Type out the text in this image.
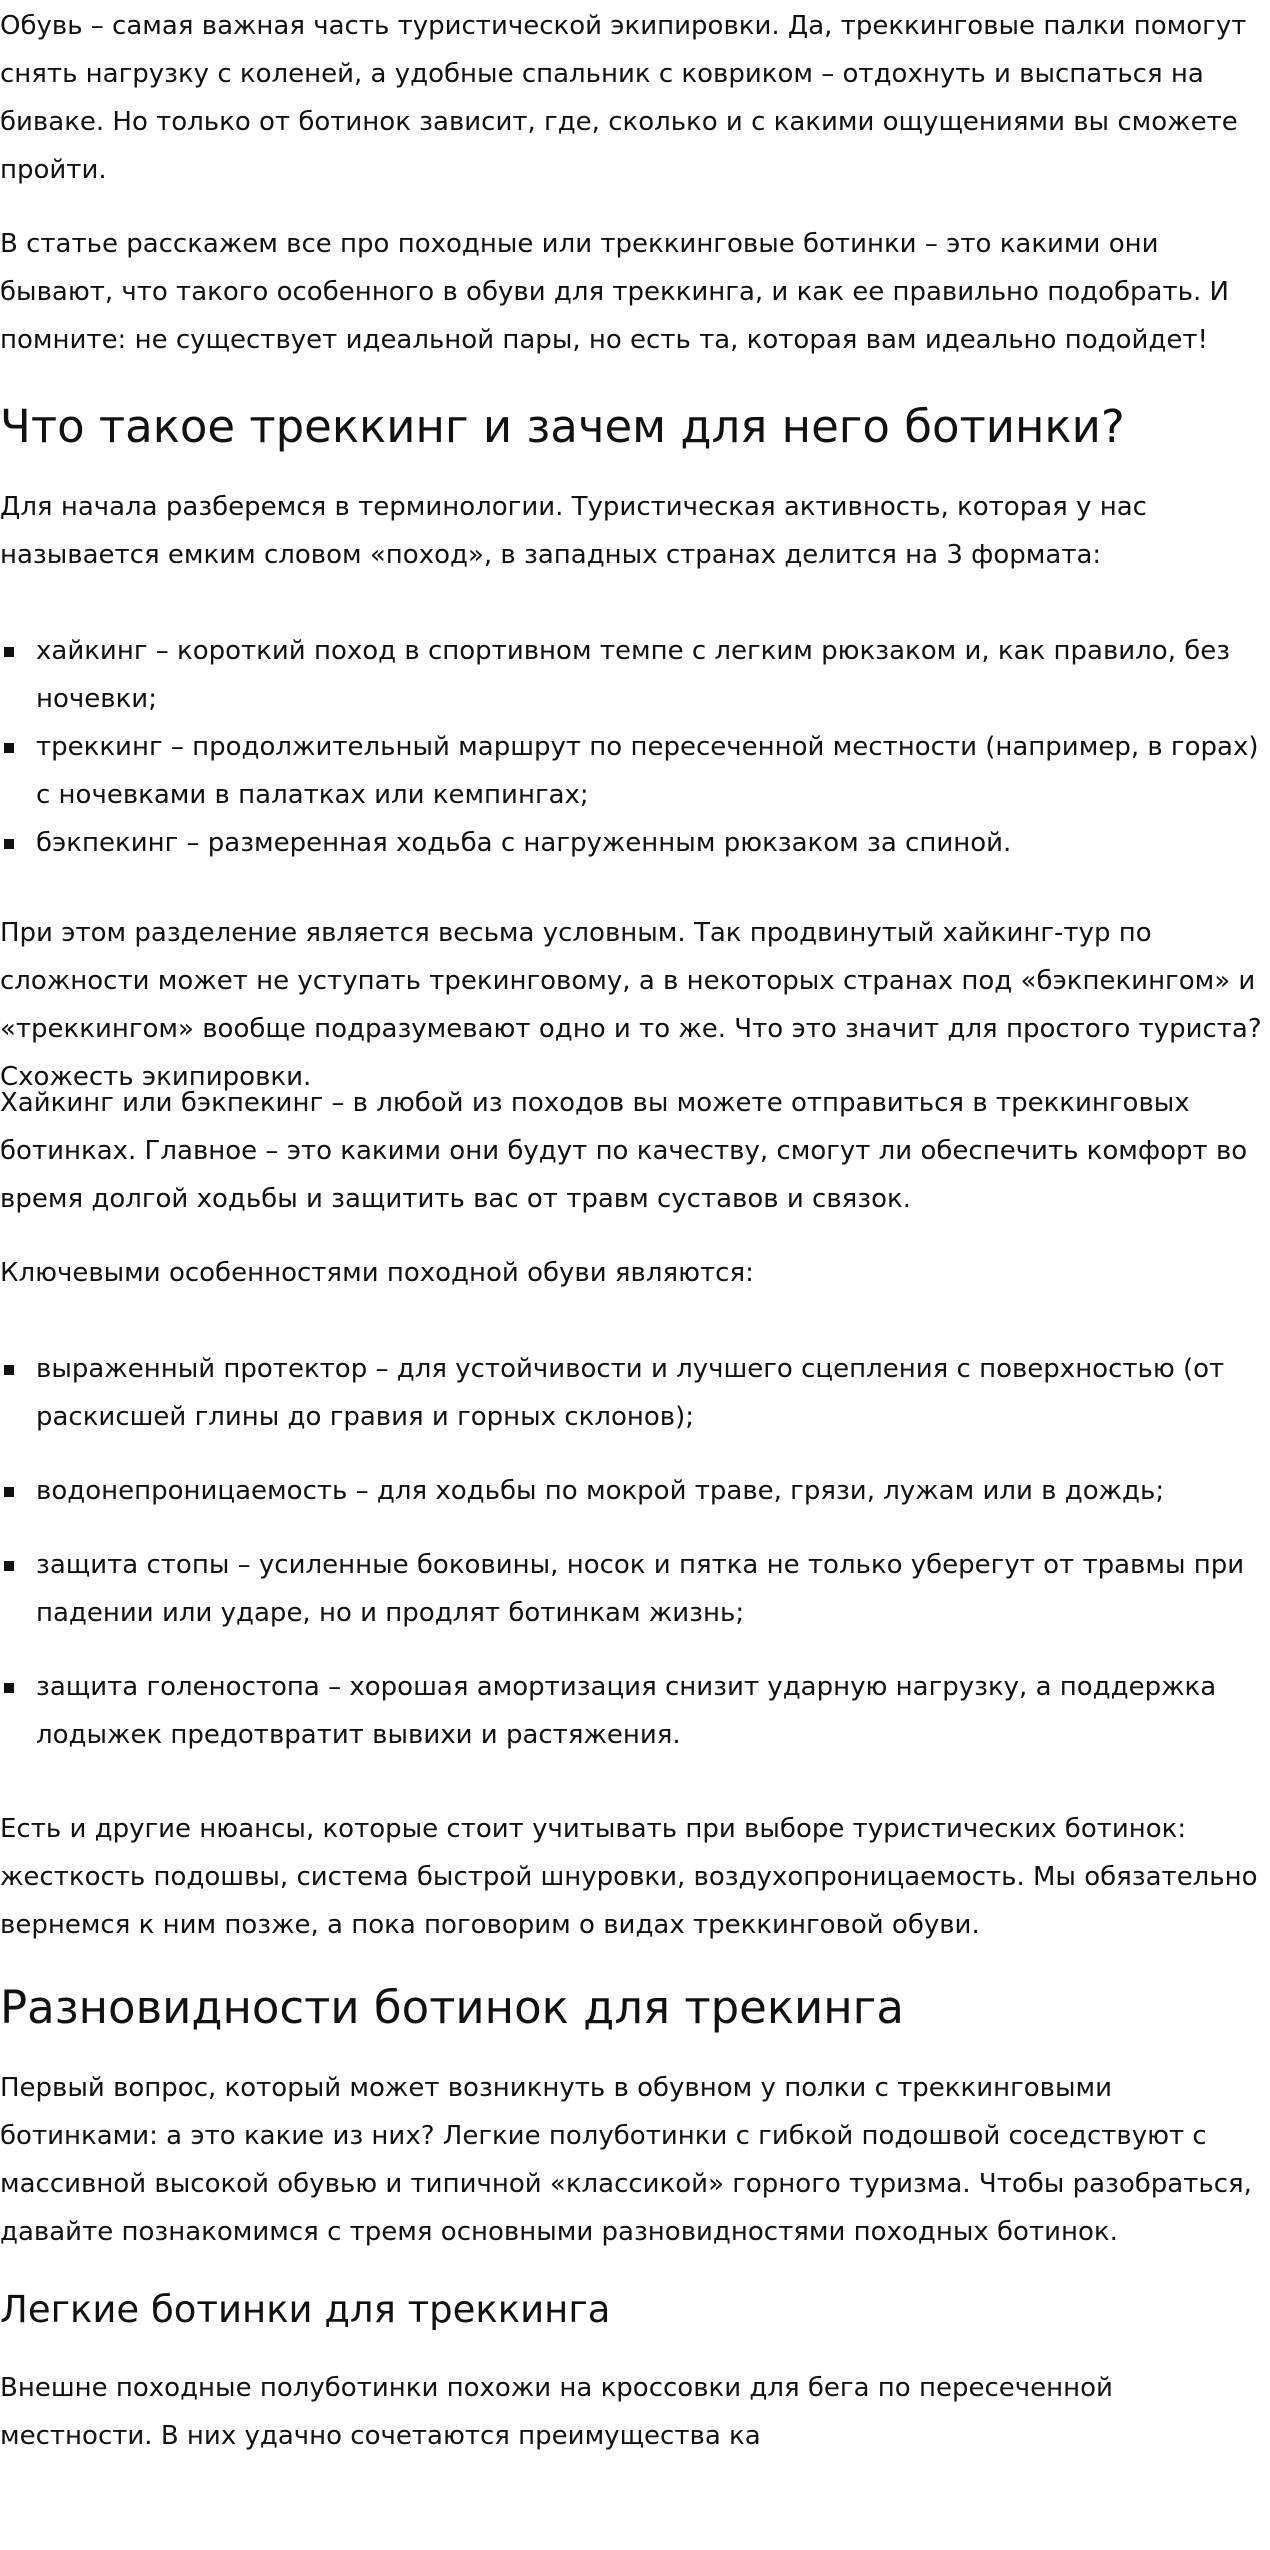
Обувь – самая важная часть туристической экипировки. Да, треккинговые палки помогут снять нагрузку с коленей, а удобные спальник с ковриком – отдохнуть и выспаться на биваке. Но только от ботинок зависит, где, сколько и с какими ощущениями вы сможете пройти.

В статье расскажем все про походные или треккинговые ботинки – это какими они бывают, что такого особенного в обуви для треккинга, и как ее правильно подобрать. И помните: не существует идеальной пары, но есть та, которая вам идеально подойдет!

Что такое треккинг и зачем для него ботинки?

Для начала разберемся в терминологии. Туристическая активность, которая у нас называется емким словом «поход», в западных странах делится на 3 формата:

хайкинг – короткий поход в спортивном темпе с легким рюкзаком и, как правило, без ночевки;
треккинг – продолжительный маршрут по пересеченной местности (например, в горах) с ночевками в палатках или кемпингах;
бэкпекинг – размеренная ходьба с нагруженным рюкзаком за спиной.

При этом разделение является весьма условным. Так продвинутый хайкинг-тур по сложности может не уступать трекинговому, а в некоторых странах под «бэкпекингом» и «треккингом» вообще подразумевают одно и то же. Что это значит для простого туриста? Схожесть экипировки.

Хайкинг или бэкпекинг – в любой из походов вы можете отправиться в треккинговых ботинках. Главное – это какими они будут по качеству, смогут ли обеспечить комфорт во время долгой ходьбы и защитить вас от травм суставов и связок.

Ключевыми особенностями походной обуви являются:

выраженный протектор – для устойчивости и лучшего сцепления с поверхностью (от раскисшей глины до гравия и горных склонов);
водонепроницаемость – для ходьбы по мокрой траве, грязи, лужам или в дождь;
защита стопы – усиленные боковины, носок и пятка не только уберегут от травмы при падении или ударе, но и продлят ботинкам жизнь;
защита голеностопа – хорошая амортизация снизит ударную нагрузку, а поддержка лодыжек предотвратит вывихи и растяжения.

Есть и другие нюансы, которые стоит учитывать при выборе туристических ботинок: жесткость подошвы, система быстрой шнуровки, воздухопроницаемость. Мы обязательно вернемся к ним позже, а пока поговорим о видах треккинговой обуви.

Разновидности ботинок для трекинга

Первый вопрос, который может возникнуть в обувном у полки с треккинговыми ботинками: а это какие из них? Легкие полуботинки с гибкой подошвой соседствуют с массивной высокой обувью и типичной «классикой» горного туризма. Чтобы разобраться, давайте познакомимся с тремя основными разновидностями походных ботинок.

Легкие ботинки для треккинга

Внешне походные полуботинки похожи на кроссовки для бега по пересеченной местности. В них удачно сочетаются преимущества ка
